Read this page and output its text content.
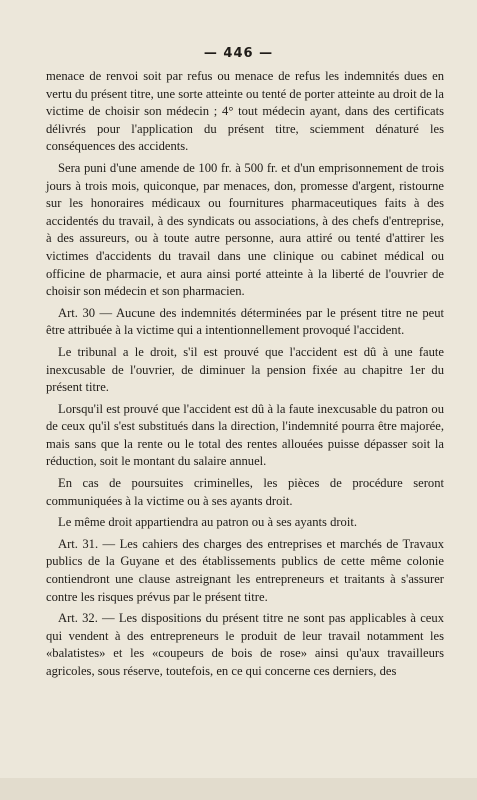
— 446 —

menace de renvoi soit par refus ou menace de refus les indemnités dues en vertu du présent titre, une sorte atteinte ou tenté de porter atteinte au droit de la victime de choisir son médecin ; 4° tout médecin ayant, dans des certificats délivrés pour l'application du présent titre, sciemment dénaturé les conséquences des accidents.

Sera puni d'une amende de 100 fr. à 500 fr. et d'un emprisonnement de trois jours à trois mois, quiconque, par menaces, don, promesse d'argent, ristourne sur les honoraires médicaux ou fournitures pharmaceutiques faits à des accidentés du travail, à des syndicats ou associations, à des chefs d'entreprise, à des assureurs, ou à toute autre personne, aura attiré ou tenté d'attirer les victimes d'accidents du travail dans une clinique ou cabinet médical ou officine de pharmacie, et aura ainsi porté atteinte à la liberté de l'ouvrier de choisir son médecin et son pharmacien.

Art. 30 — Aucune des indemnités déterminées par le présent titre ne peut être attribuée à la victime qui a intentionnellement provoqué l'accident.

Le tribunal a le droit, s'il est prouvé que l'accident est dû à une faute inexcusable de l'ouvrier, de diminuer la pension fixée au chapitre 1er du présent titre.

Lorsqu'il est prouvé que l'accident est dû à la faute inexcusable du patron ou de ceux qu'il s'est substitués dans la direction, l'indemnité pourra être majorée, mais sans que la rente ou le total des rentes allouées puisse dépasser soit la réduction, soit le montant du salaire annuel.

En cas de poursuites criminelles, les pièces de procédure seront communiquées à la victime ou à ses ayants droit.

Le même droit appartiendra au patron ou à ses ayants droit.

Art. 31. — Les cahiers des charges des entreprises et marchés de Travaux publics de la Guyane et des établissements publics de cette même colonie contiendront une clause astreignant les entrepreneurs et traitants à s'assurer contre les risques prévus par le présent titre.

Art. 32. — Les dispositions du présent titre ne sont pas applicables à ceux qui vendent à des entrepreneurs le produit de leur travail notamment les «balatistes» et les «coupeurs de bois de rose» ainsi qu'aux travailleurs agricoles, sous réserve, toutefois, en ce qui concerne ces derniers, des
